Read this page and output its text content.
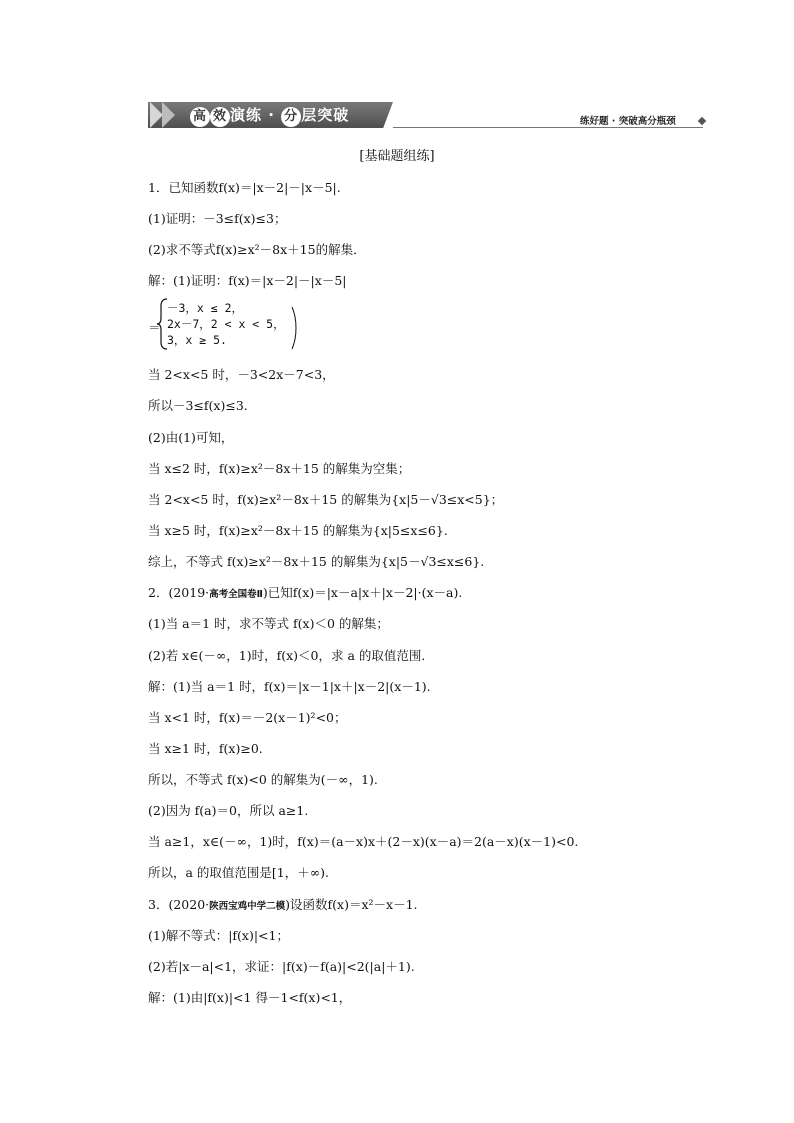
高 效 演练 · 分 层突破	练好题 · 突破高分瓶颈
[基础题组练]
1．已知函数f(x)＝|x－2|－|x－5|.
(1)证明：－3≤f(x)≤3；
(2)求不等式f(x)≥x²－8x＋15的解集．
解：(1)证明：f(x)＝|x－2|－|x－5|
＝
－3，x ≤ 2，
2x－7，2 < x < 5，
3，x ≥ 5.
当 2<x<5 时，－3<2x－7<3，
所以－3≤f(x)≤3.
(2)由(1)可知，
当 x≤2 时，f(x)≥x²－8x＋15 的解集为空集；
当 2<x<5 时，f(x)≥x²－8x＋15 的解集为{x|5－√3≤x<5}；
当 x≥5 时，f(x)≥x²－8x＋15 的解集为{x|5≤x≤6}.
综上，不等式 f(x)≥x²－8x＋15 的解集为{x|5－√3≤x≤6}.
2．(2019·高考全国卷Ⅱ)已知f(x)＝|x－a|x＋|x－2|·(x－a).
(1)当 a＝1 时，求不等式 f(x)＜0 的解集；
(2)若 x∈(－∞，1)时，f(x)＜0，求 a 的取值范围．
解：(1)当 a＝1 时，f(x)＝|x－1|x＋|x－2|(x－1).
当 x<1 时，f(x)＝－2(x－1)²<0；
当 x≥1 时，f(x)≥0.
所以，不等式 f(x)<0 的解集为(－∞，1).
(2)因为 f(a)＝0，所以 a≥1.
当 a≥1，x∈(－∞，1)时，f(x)＝(a－x)x＋(2－x)(x－a)＝2(a－x)(x－1)<0.
所以，a 的取值范围是[1，＋∞).
3．(2020·陕西宝鸡中学二模)设函数f(x)＝x²－x－1.
(1)解不等式：|f(x)|<1；
(2)若|x－a|<1，求证：|f(x)－f(a)|<2(|a|＋1).
解：(1)由|f(x)|<1 得－1<f(x)<1，
